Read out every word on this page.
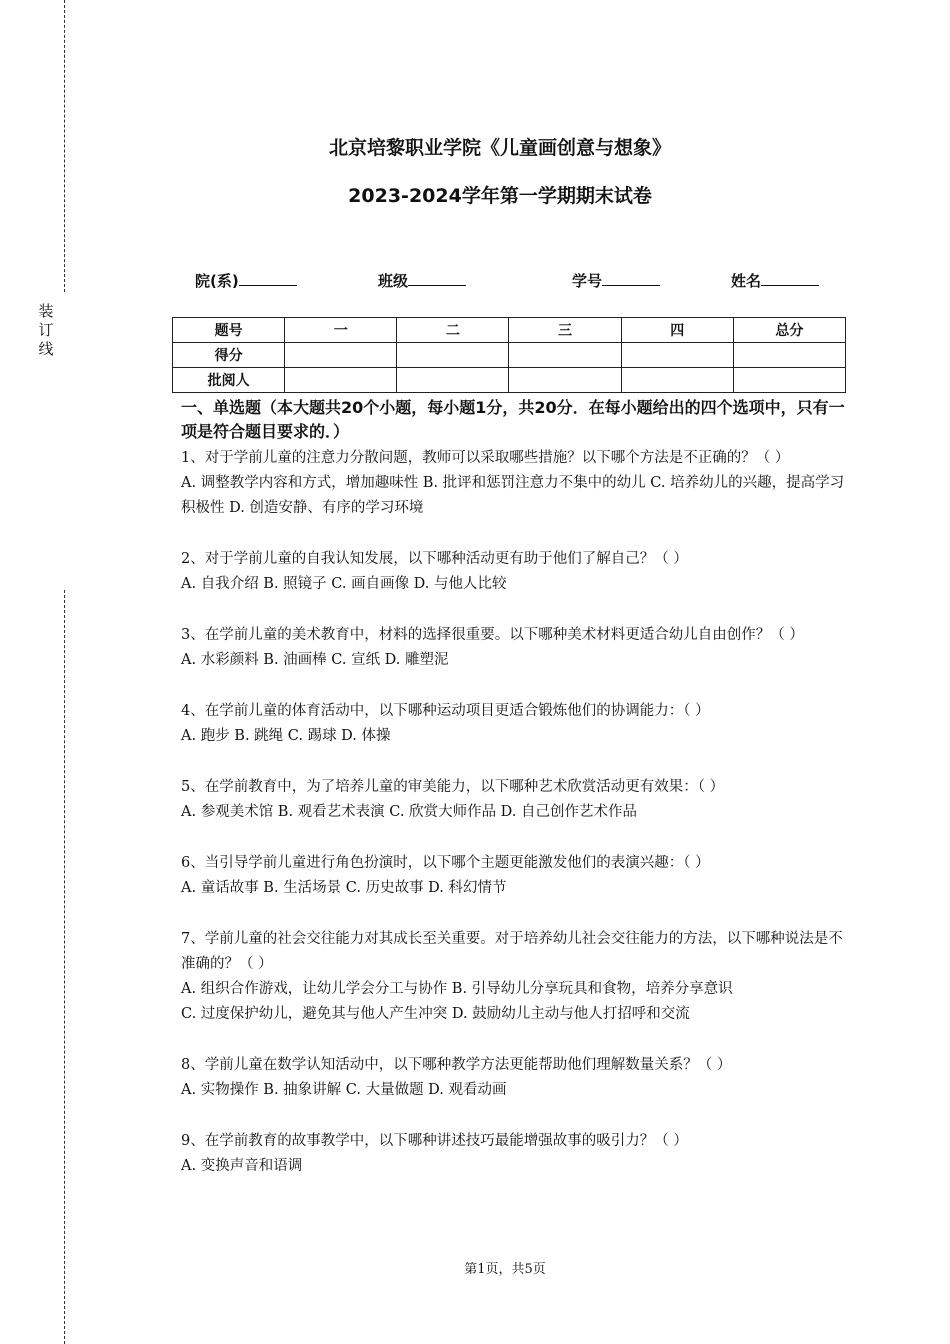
装订线
北京培黎职业学院《儿童画创意与想象》
2023-2024学年第一学期期末试卷
院(系)	班级	学号	姓名
题号	一	二	三	四	总分
得分					
批阅人					
一、单选题（本大题共20个小题，每小题1分，共20分．在每小题给出的四个选项中，只有一项是符合题目要求的．）

1、对于学前儿童的注意力分散问题，教师可以采取哪些措施？以下哪个方法是不正确的？（ ）

A. 调整教学内容和方式，增加趣味性 B. 批评和惩罚注意力不集中的幼儿 C. 培养幼儿的兴趣，提高学习积极性 D. 创造安静、有序的学习环境

2、对于学前儿童的自我认知发展，以下哪种活动更有助于他们了解自己？（ ）

A. 自我介绍 B. 照镜子 C. 画自画像 D. 与他人比较

3、在学前儿童的美术教育中，材料的选择很重要。以下哪种美术材料更适合幼儿自由创作？（ ）

A. 水彩颜料 B. 油画棒 C. 宣纸 D. 雕塑泥

4、在学前儿童的体育活动中，以下哪种运动项目更适合锻炼他们的协调能力：（ ）

A. 跑步 B. 跳绳 C. 踢球 D. 体操

5、在学前教育中，为了培养儿童的审美能力，以下哪种艺术欣赏活动更有效果：（ ）

A. 参观美术馆 B. 观看艺术表演 C. 欣赏大师作品 D. 自己创作艺术作品

6、当引导学前儿童进行角色扮演时，以下哪个主题更能激发他们的表演兴趣：（ ）

A. 童话故事 B. 生活场景 C. 历史故事 D. 科幻情节

7、学前儿童的社会交往能力对其成长至关重要。对于培养幼儿社会交往能力的方法，以下哪种说法是不准确的？（ ）

A. 组织合作游戏，让幼儿学会分工与协作 B. 引导幼儿分享玩具和食物，培养分享意识

C. 过度保护幼儿，避免其与他人产生冲突 D. 鼓励幼儿主动与他人打招呼和交流

8、学前儿童在数学认知活动中，以下哪种教学方法更能帮助他们理解数量关系？（ ）

A. 实物操作 B. 抽象讲解 C. 大量做题 D. 观看动画

9、在学前教育的故事教学中，以下哪种讲述技巧最能增强故事的吸引力？（ ）

A. 变换声音和语调

第1页，共5页
